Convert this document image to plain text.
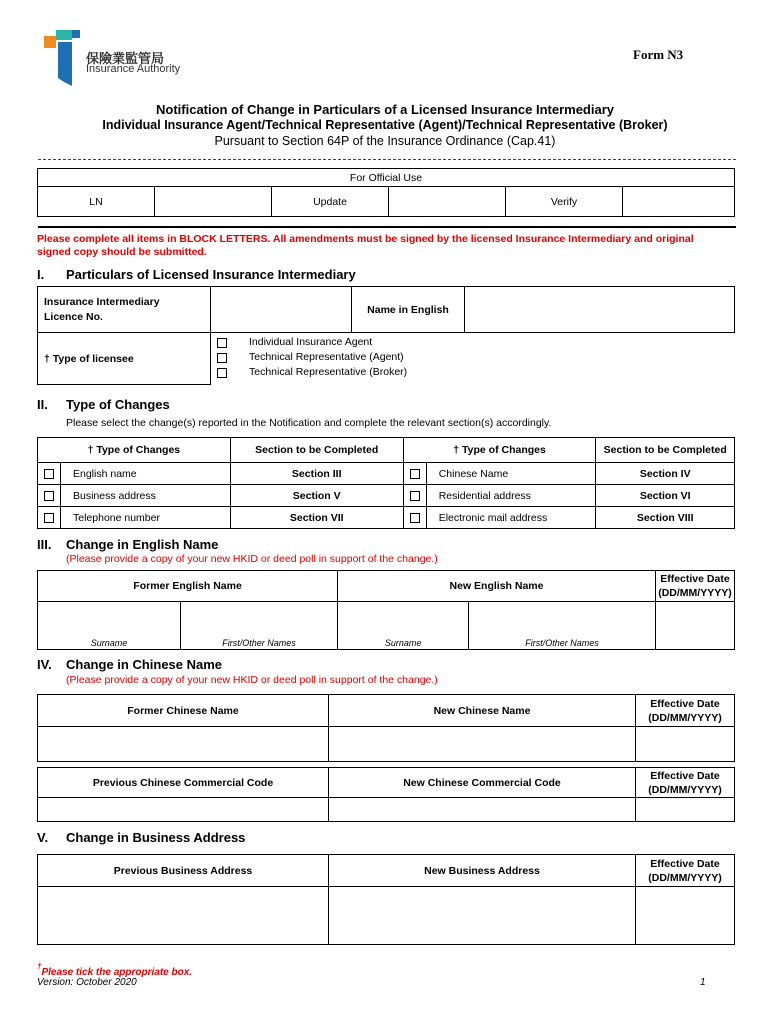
保險業監管局
Insurance Authority
Form N3
Notification of Change in Particulars of a Licensed Insurance Intermediary
Individual Insurance Agent/Technical Representative (Agent)/Technical Representative (Broker)
Pursuant to Section 64P of the Insurance Ordinance (Cap.41)
For Official Use
LN		Update		Verify	
Please complete all items in BLOCK LETTERS. All amendments must be signed by the licensed Insurance Intermediary and original
signed copy should be submitted.
I. Particulars of Licensed Insurance Intermediary
Insurance Intermediary
Licence No.		Name in English	
† Type of licensee	Individual Insurance Agent
Technical Representative (Agent)
Technical Representative (Broker)		
II. Type of Changes
Please select the change(s) reported in the Notification and complete the relevant section(s) accordingly.
† Type of Changes		Section to be Completed	† Type of Changes		Section to be Completed
	English name	Section III		Chinese Name	Section IV
	Business address	Section V		Residential address	Section VI
	Telephone number	Section VII		Electronic mail address	Section VIII
III. Change in English Name
(Please provide a copy of your new HKID or deed poll in support of the change.)
Former English Name		New English Name		Effective Date
(DD/MM/YYYY)

Surname	First/Other Names	Surname	First/Other Names	
IV. Change in Chinese Name
(Please provide a copy of your new HKID or deed poll in support of the change.)
Former Chinese Name	New Chinese Name	Effective Date
(DD/MM/YYYY)

Previous Chinese Commercial Code	New Chinese Commercial Code	Effective Date
(DD/MM/YYYY)

V. Change in Business Address
Previous Business Address	New Business Address	Effective Date
(DD/MM/YYYY)

†Please tick the appropriate box.
Version: October 2020	1
